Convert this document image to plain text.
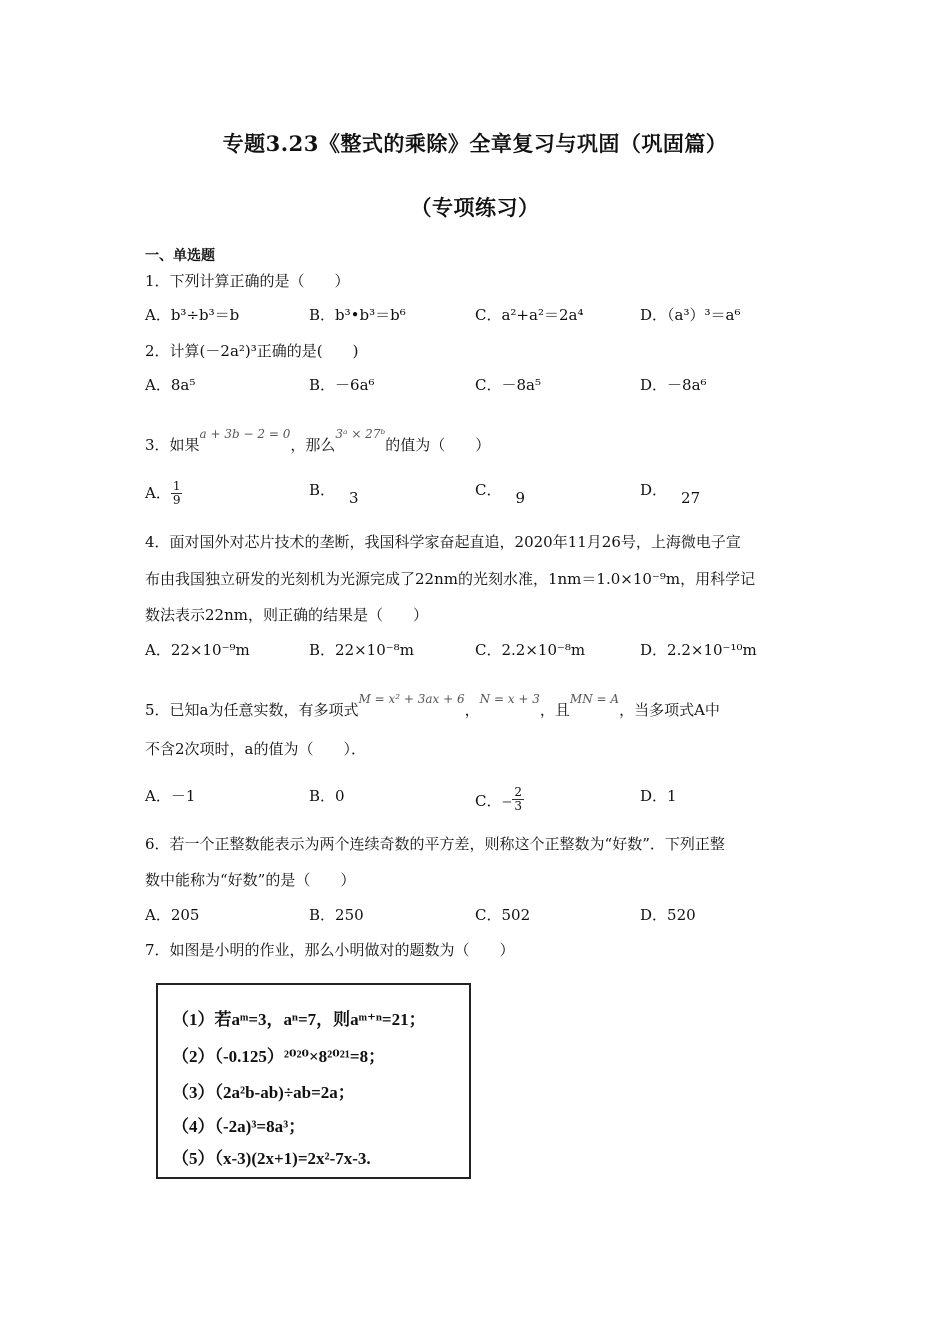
专题3.23《整式的乘除》全章复习与巩固（巩固篇）
（专项练习）
一、单选题
1．下列计算正确的是（　　）
A．b³÷b³＝b	B．b³•b³＝b⁶	C．a²+a²＝2a⁴	D．（a³）³＝a⁶
2．计算(－2a²)³正确的是(　　)
A．8a⁵	B．－6a⁶	C．－8a⁵	D．－8a⁶
3．如果a + 3b − 2 = 0，那么3ᵃ × 27ᵇ的值为（　　）
A． $\frac{1}{9}$	B． 3	C． 9	D． 27
4．面对国外对芯片技术的垄断，我国科学家奋起直追，2020年11月26号，上海微电子宣
布由我国独立研发的光刻机为光源完成了22nm的光刻水准，1nm＝1.0×10⁻⁹m，用科学记
数法表示22nm，则正确的结果是（　　）
A．22×10⁻⁹m	B．22×10⁻⁸m	C．2.2×10⁻⁸m	D．2.2×10⁻¹⁰m
5．已知a为任意实数，有多项式M = x² + 3ax + 6，N = x + 3，且MN = A，当多项式A中
不含2次项时，a的值为（　　）．
A．－1	B．0	C．− $\frac{2}{3}$	D．1
6．若一个正整数能表示为两个连续奇数的平方差，则称这个正整数为“好数”．下列正整
数中能称为“好数”的是（　　）
A．205	B．250	C．502	D．520
7．如图是小明的作业，那么小明做对的题数为（　　）
（1）若aᵐ=3，aⁿ=7，则aᵐ⁺ⁿ=21；
（2）（-0.125）²⁰²⁰×8²⁰²¹=8；
（3）（2a²b-ab)÷ab=2a；
（4）（-2a)³=8a³；
（5）（x-3)(2x+1)=2x²-7x-3.
